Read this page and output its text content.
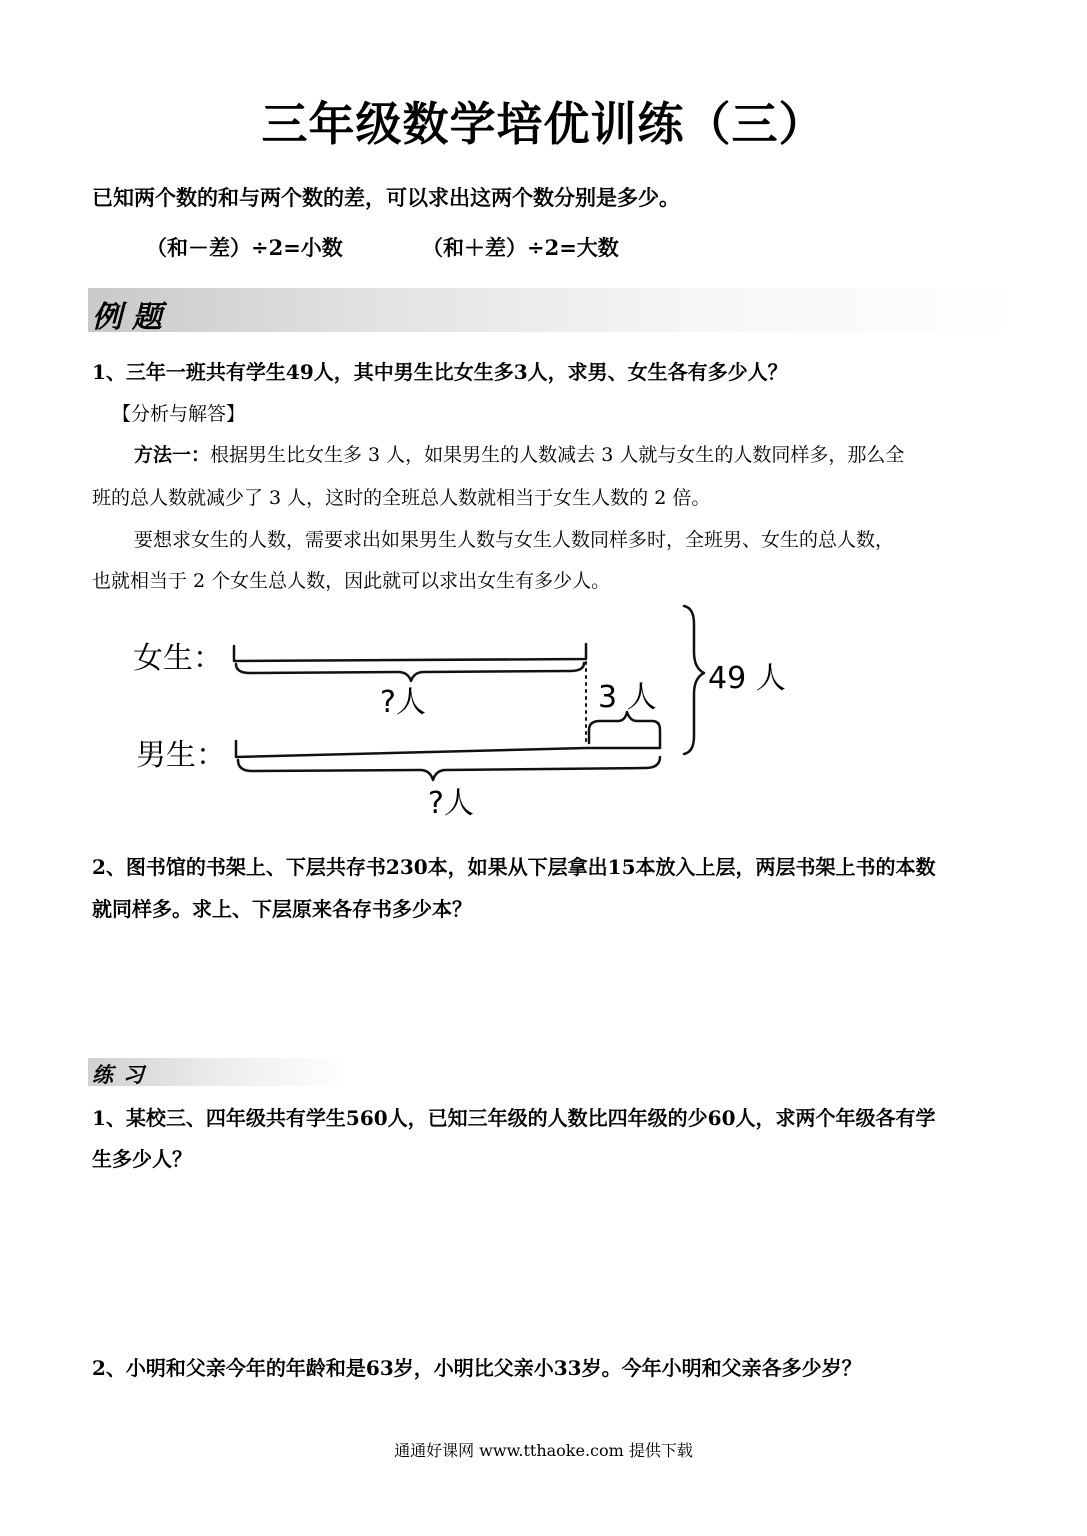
三年级数学培优训练（三）
已知两个数的和与两个数的差，可以求出这两个数分别是多少。
（和－差）÷2=小数	（和＋差）÷2=大数
例题
1、三年一班共有学生49人，其中男生比女生多3人，求男、女生各有多少人？
【分析与解答】
方法一：根据男生比女生多 3 人，如果男生的人数减去 3 人就与女生的人数同样多，那么全
班的总人数就减少了 3 人，这时的全班总人数就相当于女生人数的 2 倍。
要想求女生的人数，需要求出如果男生人数与女生人数同样多时，全班男、女生的总人数，
也就相当于 2 个女生总人数，因此就可以求出女生有多少人。
女生：
?人	3 人
49 人
男生：
?人
2、图书馆的书架上、下层共存书230本，如果从下层拿出15本放入上层，两层书架上书的本数
就同样多。求上、下层原来各存书多少本？
练习
1、某校三、四年级共有学生560人，已知三年级的人数比四年级的少60人，求两个年级各有学
生多少人？
2、小明和父亲今年的年龄和是63岁，小明比父亲小33岁。今年小明和父亲各多少岁？
通通好课网 www.tthaoke.com 提供下载
